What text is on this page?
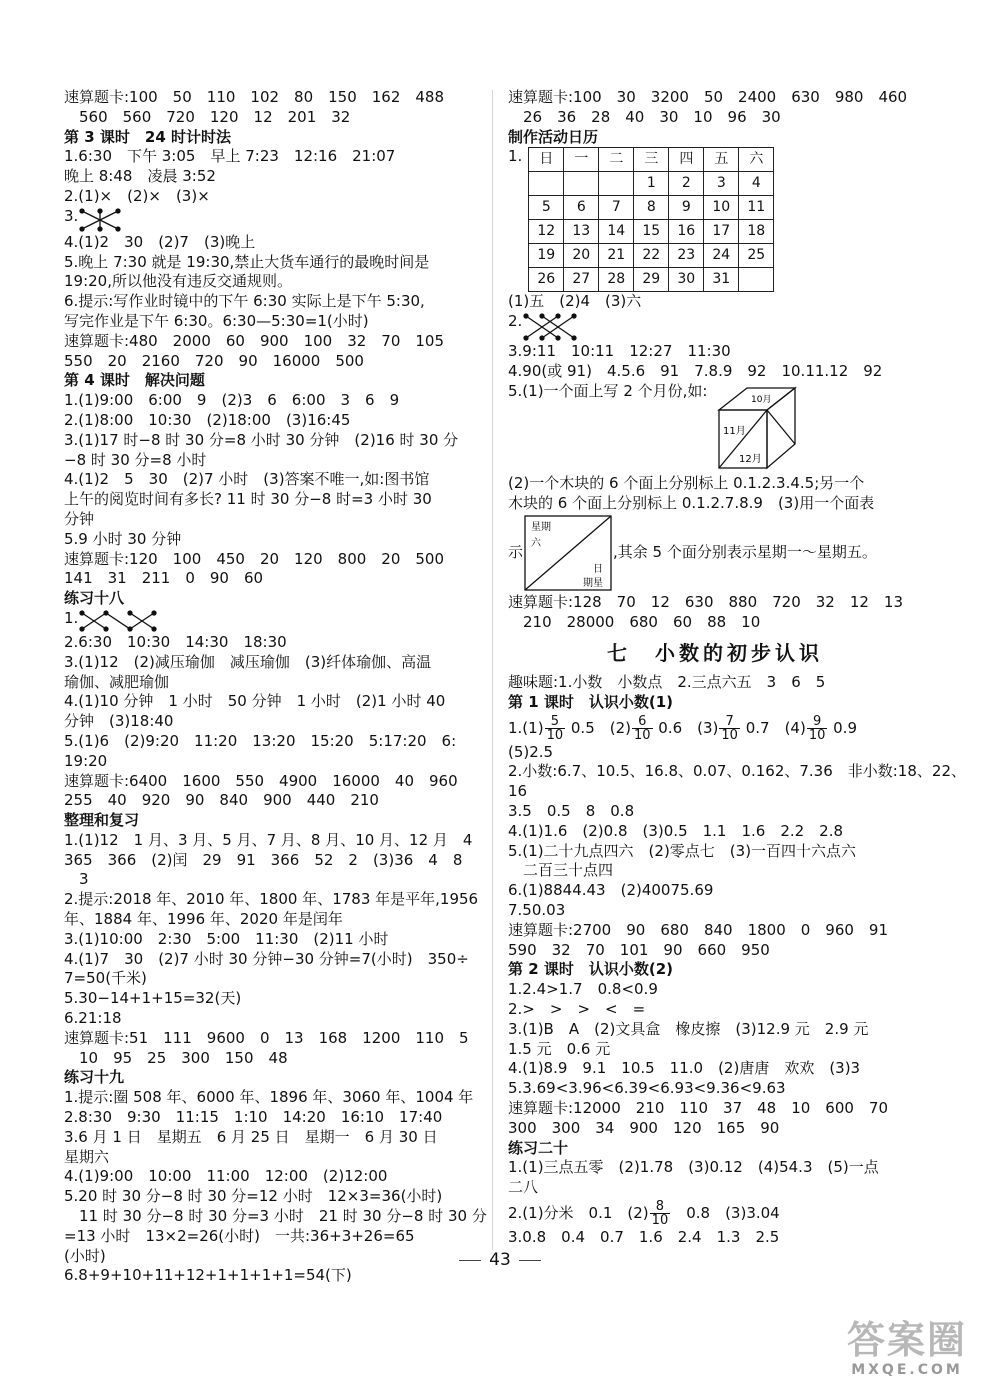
速算题卡:100　50　110　102　80　150　162　488
　560　560　720　120　12　201　32
第 3 课时　24 时计时法
1.6:30　下午 3:05　早上 7:23　12:16　21:07
晚上 8:48　凌晨 3:52
2.(1)×　(2)×　(3)×
3.
4.(1)2　30　(2)7　(3)晚上
5.晚上 7:30 就是 19:30,禁止大货车通行的最晚时间是
19:20,所以他没有违反交通规则。
6.提示:写作业时镜中的下午 6:30 实际上是下午 5:30,
写完作业是下午 6:30。6:30—5:30=1(小时)
速算题卡:480　2000　60　900　100　32　70　105
550　20　2160　720　90　16000　500
第 4 课时　解决问题
1.(1)9:00　6:00　9　(2)3　6　6:00　3　6　9
2.(1)8:00　10:30　(2)18:00　(3)16:45
3.(1)17 时−8 时 30 分=8 小时 30 分钟　(2)16 时 30 分
−8 时 30 分=8 小时
4.(1)2　5　30　(2)7 小时　(3)答案不唯一,如:图书馆
上午的阅览时间有多长? 11 时 30 分−8 时=3 小时 30
分钟
5.9 小时 30 分钟
速算题卡:120　100　450　20　120　800　20　500
141　31　211　0　90　60
练习十八
1.
2.6:30　10:30　14:30　18:30
3.(1)12　(2)减压瑜伽　减压瑜伽　(3)纤体瑜伽、高温
瑜伽、减肥瑜伽
4.(1)10 分钟　1 小时　50 分钟　1 小时　(2)1 小时 40
分钟　(3)18:40
5.(1)6　(2)9:20　11:20　13:20　15:20　5:17:20　6:
19:20
速算题卡:6400　1600　550　4900　16000　40　960
255　40　920　90　840　900　440　210
整理和复习
1.(1)12　1 月、3 月、5 月、7 月、8 月、10 月、12 月　4
365　366　(2)闰　29　91　366　52　2　(3)36　4　8
　3
2.提示:2018 年、2010 年、1800 年、1783 年是平年,1956
年、1884 年、1996 年、2020 年是闰年
3.(1)10:00　2:30　5:00　11:30　(2)11 小时
4.(1)7　30　(2)7 小时 30 分钟−30 分钟=7(小时)　350÷
7=50(千米)
5.30−14+1+15=32(天)
6.21:18
速算题卡:51　111　9600　0　13　168　1200　110　5
　10　95　25　300　150　48
练习十九
1.提示:圈 508 年、6000 年、1896 年、3060 年、1004 年
2.8:30　9:30　11:15　1:10　14:20　16:10　17:40
3.6 月 1 日　星期五　6 月 25 日　星期一　6 月 30 日
星期六
4.(1)9:00　10:00　11:00　12:00　(2)12:00
5.20 时 30 分−8 时 30 分=12 小时　12×3=36(小时)
　11 时 30 分−8 时 30 分=3 小时　21 时 30 分−8 时 30 分
=13 小时　13×2=26(小时)　一共:36+3+26=65
(小时)
6.8+9+10+11+12+1+1+1+1=54(下)
速算题卡:100　30　3200　50　2400　630　980　460
　26　36　28　40　30　10　96　30
制作活动日历
1. 日	一	二	三	四	五	六
			1	2	3	4
5	6	7	8	9	10	11
12	13	14	15	16	17	18
19	20	21	22	23	24	25
26	27	28	29	30	31	
(1)五　(2)4　(3)六
2.
3.9:11　10:11　12:27　11:30
4.90(或 91)　4.5.6　91　7.8.9　92　10.11.12　92
5.(1)一个面上写 2 个月份,如:	10月
11月
12月
(2)一个木块的 6 个面上分别标上 0.1.2.3.4.5;另一个
木块的 6 个面上分别标上 0.1.2.7.8.9　(3)用一个面表
示
星期
六
日
期星
,其余 5 个面分别表示星期一～星期五。
速算题卡:128　70　12　630　880　720　32　12　13
　210　28000　680　60　88　10
七　小数的初步认识
趣味题:1.小数　小数点　2.三点六五　3　6　5
第 1 课时　认识小数(1)
$1.(1) \frac{5}{10} 0.5$　$(2) \frac{6}{10} 0.6$　$(3) \frac{7}{10} 0.7$　$(4) \frac{9}{10} 0.9$
(5)2.5
2.小数:6.7、10.5、16.8、0.07、0.162、7.36　非小数:18、22、
16
3.5　0.5　8　0.8
4.(1)1.6　(2)0.8　(3)0.5　1.1　1.6　2.2　2.8
5.(1)二十九点四六　(2)零点七　(3)一百四十六点六
　二百三十点四
6.(1)8844.43　(2)40075.69
7.50.03
速算题卡:2700　90　680　840　1800　0　960　91
590　32　70　101　90　660　950
第 2 课时　认识小数(2)
1.2.4>1.7　0.8<0.9
2.>　>　>　<　=
3.(1)B　A　(2)文具盒　橡皮擦　(3)12.9 元　2.9 元
1.5 元　0.6 元
4.(1)8.9　9.1　10.5　11.0　(2)唐唐　欢欢　(3)3
5.3.69<3.96<6.39<6.93<9.36<9.63
速算题卡:12000　210　110　37　48　10　600　70
300　300　34　900　120　165　90
练习二十
1.(1)三点五零　(2)1.78　(3)0.12　(4)54.3　(5)一点
二八
2.(1)分米　0.1　$(2) \frac{8}{10}$ 　0.8　(3)3.04
3.0.8　0.4　0.7　1.6　2.4　1.3　2.5
43
答案圈
MXQE.COM
